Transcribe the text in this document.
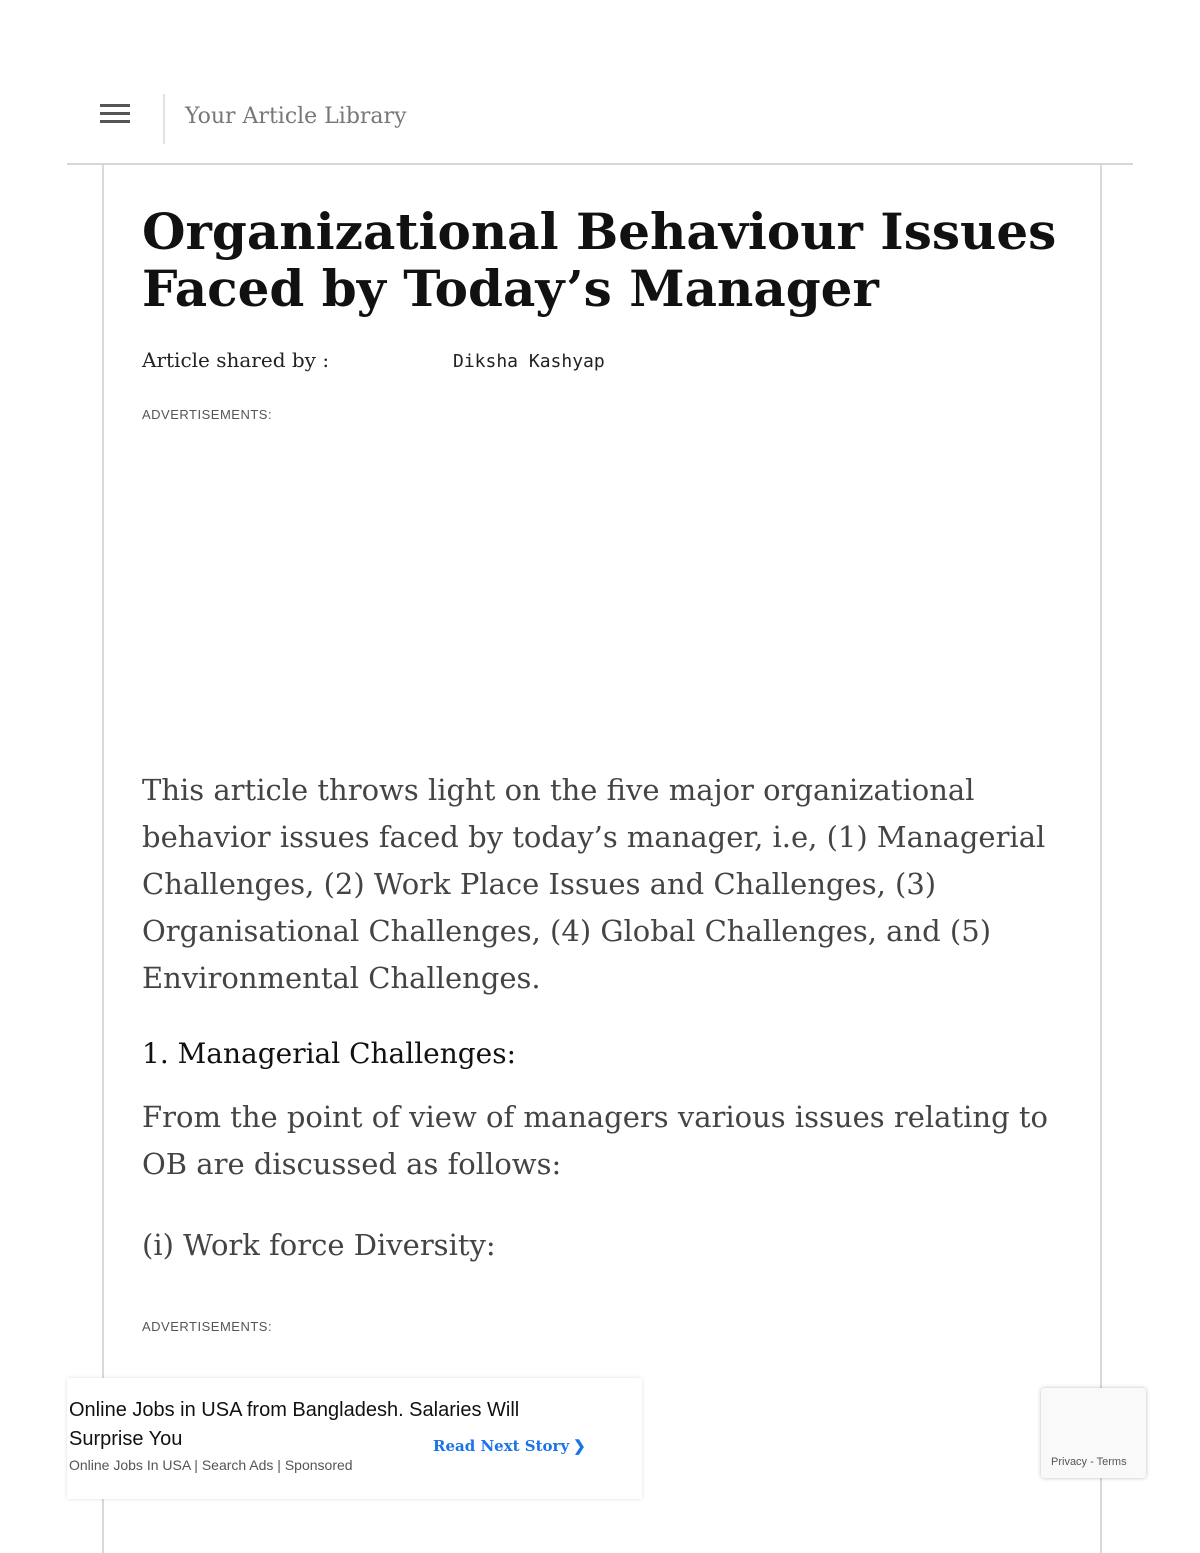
Your Article Library
Organizational Behaviour Issues Faced by Today’s Manager
Article shared by :	Diksha Kashyap
ADVERTISEMENTS:

This article throws light on the five major organizational behavior issues faced by today’s manager, i.e, (1) Managerial Challenges, (2) Work Place Issues and Challenges, (3) Organisational Challenges, (4) Global Challenges, and (5) Environmental Challenges.

1. Managerial Challenges:

From the point of view of managers various issues relating to OB are discussed as follows:

(i) Work force Diversity:
ADVERTISEMENTS:

Online Jobs in USA from Bangladesh. Salaries Will Surprise You

Online Jobs In USA | Search Ads | Sponsored
Read Next Story ❯
Privacy - Terms
